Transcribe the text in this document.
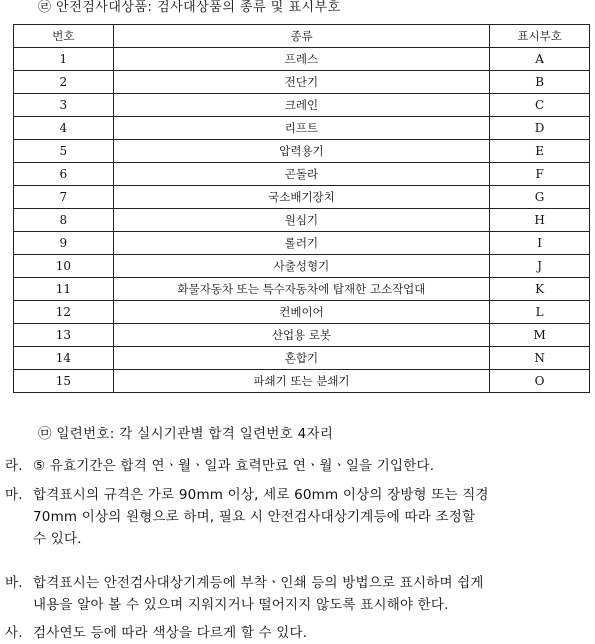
㉣ 안전검사대상품: 검사대상품의 종류 및 표시부호
번호	종류	표시부호
1	프레스	A
2	전단기	B
3	크레인	C
4	리프트	D
5	압력용기	E
6	곤돌라	F
7	국소배기장치	G
8	원심기	H
9	롤러기	I
10	사출성형기	J
11	화물자동차 또는 특수자동차에 탑재한 고소작업대	K
12	컨베이어	L
13	산업용 로봇	M
14	혼합기	N
15	파쇄기 또는 분쇄기	O
㉤ 일련번호: 각 실시기관별 합격 일련번호 4자리
라. ⑤ 유효기간은 합격 연ㆍ월ㆍ일과 효력만료 연ㆍ월ㆍ일을 기입한다.
마. 합격표시의 규격은 가로 90mm 이상, 세로 60mm 이상의 장방형 또는 직경
70mm 이상의 원형으로 하며, 필요 시 안전검사대상기계등에 따라 조정할
수 있다.
바. 합격표시는 안전검사대상기계등에 부착ㆍ인쇄 등의 방법으로 표시하며 쉽게
내용을 알아 볼 수 있으며 지워지거나 떨어지지 않도록 표시해야 한다.
사. 검사연도 등에 따라 색상을 다르게 할 수 있다.
